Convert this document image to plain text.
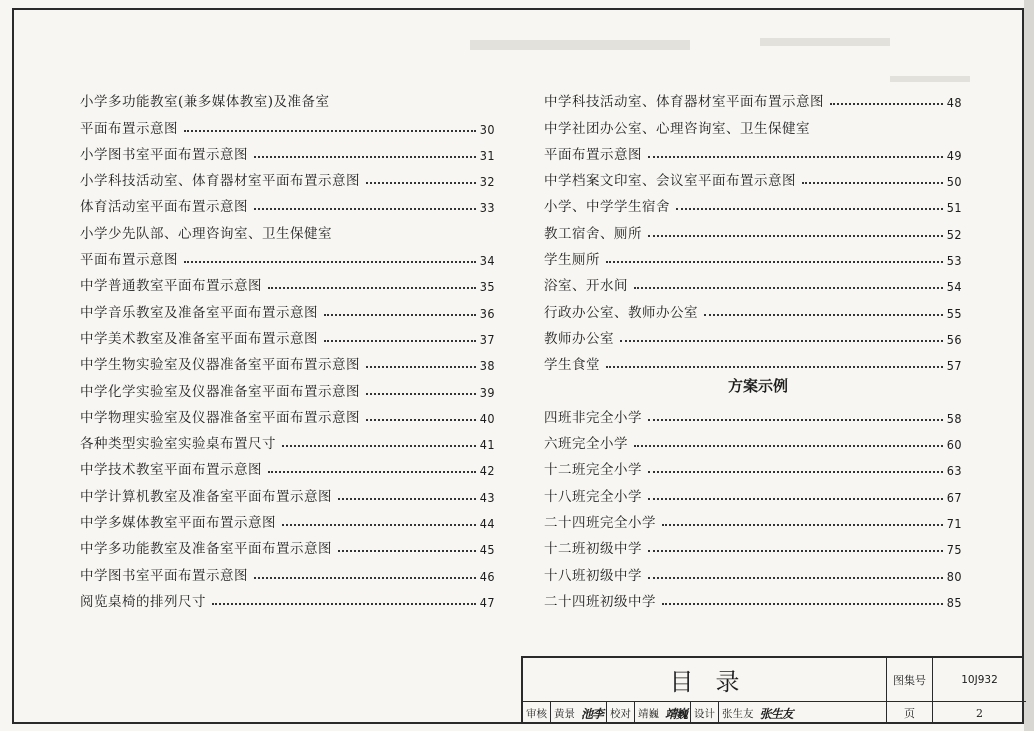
小学多功能教室(兼多媒体教室)及准备室
平面布置示意图	30
小学图书室平面布置示意图	31
小学科技活动室、体育器材室平面布置示意图	32
体育活动室平面布置示意图	33
小学少先队部、心理咨询室、卫生保健室
平面布置示意图	34
中学普通教室平面布置示意图	35
中学音乐教室及准备室平面布置示意图	36
中学美术教室及准备室平面布置示意图	37
中学生物实验室及仪器准备室平面布置示意图	38
中学化学实验室及仪器准备室平面布置示意图	39
中学物理实验室及仪器准备室平面布置示意图	40
各种类型实验室实验桌布置尺寸	41
中学技术教室平面布置示意图	42
中学计算机教室及准备室平面布置示意图	43
中学多媒体教室平面布置示意图	44
中学多功能教室及准备室平面布置示意图	45
中学图书室平面布置示意图	46
阅览桌椅的排列尺寸	47
中学科技活动室、体育器材室平面布置示意图	48
中学社团办公室、心理咨询室、卫生保健室
平面布置示意图	49
中学档案文印室、会议室平面布置示意图	50
小学、中学学生宿舍	51
教工宿舍、厕所	52
学生厕所	53
浴室、开水间	54
行政办公室、教师办公室	55
教师办公室	56
学生食堂	57
方案示例
四班非完全小学	58
六班完全小学	60
十二班完全小学	63
十八班完全小学	67
二十四班完全小学	71
十二班初级中学	75
十八班初级中学	80
二十四班初级中学	85
目录
审核 黄景 池李 校对 靖巍 靖巍 设计 张生友 张生友
图集号	10J932
页	2
